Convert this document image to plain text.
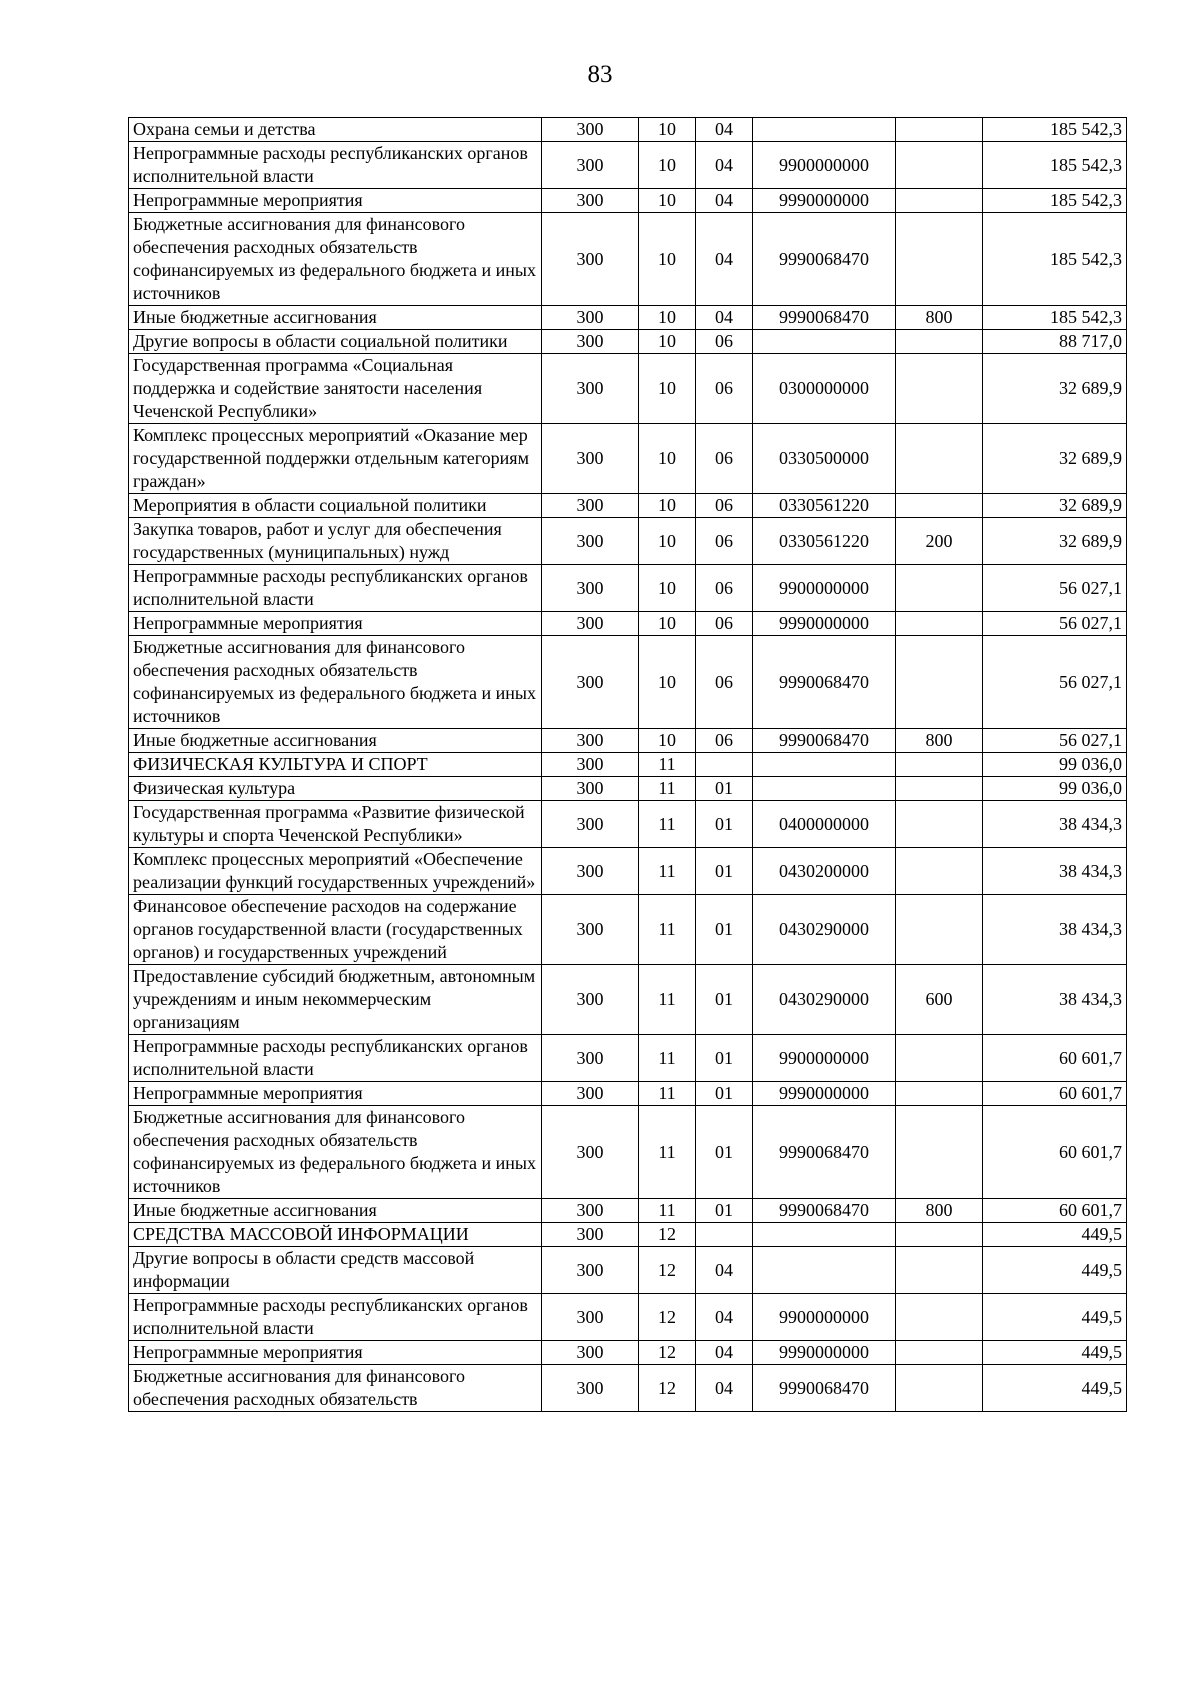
83
Охрана семьи и детства	300	10	04			185 542,3
Непрограммные расходы республиканских органов исполнительной власти	300	10	04	9900000000		185 542,3
Непрограммные мероприятия	300	10	04	9990000000		185 542,3
Бюджетные ассигнования для финансового обеспечения расходных обязательств софинансируемых из федерального бюджета и иных источников	300	10	04	9990068470		185 542,3
Иные бюджетные ассигнования	300	10	04	9990068470	800	185 542,3
Другие вопросы в области социальной политики	300	10	06			88 717,0
Государственная программа «Социальная поддержка и содействие занятости населения Чеченской Республики»	300	10	06	0300000000		32 689,9
Комплекс процессных мероприятий «Оказание мер государственной поддержки отдельным категориям граждан»	300	10	06	0330500000		32 689,9
Мероприятия в области социальной политики	300	10	06	0330561220		32 689,9
Закупка товаров, работ и услуг для обеспечения государственных (муниципальных) нужд	300	10	06	0330561220	200	32 689,9
Непрограммные расходы республиканских органов исполнительной власти	300	10	06	9900000000		56 027,1
Непрограммные мероприятия	300	10	06	9990000000		56 027,1
Бюджетные ассигнования для финансового обеспечения расходных обязательств софинансируемых из федерального бюджета и иных источников	300	10	06	9990068470		56 027,1
Иные бюджетные ассигнования	300	10	06	9990068470	800	56 027,1
ФИЗИЧЕСКАЯ КУЛЬТУРА И СПОРТ	300	11				99 036,0
Физическая культура	300	11	01			99 036,0
Государственная программа «Развитие физической культуры и спорта Чеченской Республики»	300	11	01	0400000000		38 434,3
Комплекс процессных мероприятий «Обеспечение реализации функций государственных учреждений»	300	11	01	0430200000		38 434,3
Финансовое обеспечение расходов на содержание органов государственной власти (государственных органов) и государственных учреждений	300	11	01	0430290000		38 434,3
Предоставление субсидий бюджетным, автономным учреждениям и иным некоммерческим организациям	300	11	01	0430290000	600	38 434,3
Непрограммные расходы республиканских органов исполнительной власти	300	11	01	9900000000		60 601,7
Непрограммные мероприятия	300	11	01	9990000000		60 601,7
Бюджетные ассигнования для финансового обеспечения расходных обязательств софинансируемых из федерального бюджета и иных источников	300	11	01	9990068470		60 601,7
Иные бюджетные ассигнования	300	11	01	9990068470	800	60 601,7
СРЕДСТВА МАССОВОЙ ИНФОРМАЦИИ	300	12				449,5
Другие вопросы в области средств массовой информации	300	12	04			449,5
Непрограммные расходы республиканских органов исполнительной власти	300	12	04	9900000000		449,5
Непрограммные мероприятия	300	12	04	9990000000		449,5
Бюджетные ассигнования для финансового обеспечения расходных обязательств	300	12	04	9990068470		449,5
